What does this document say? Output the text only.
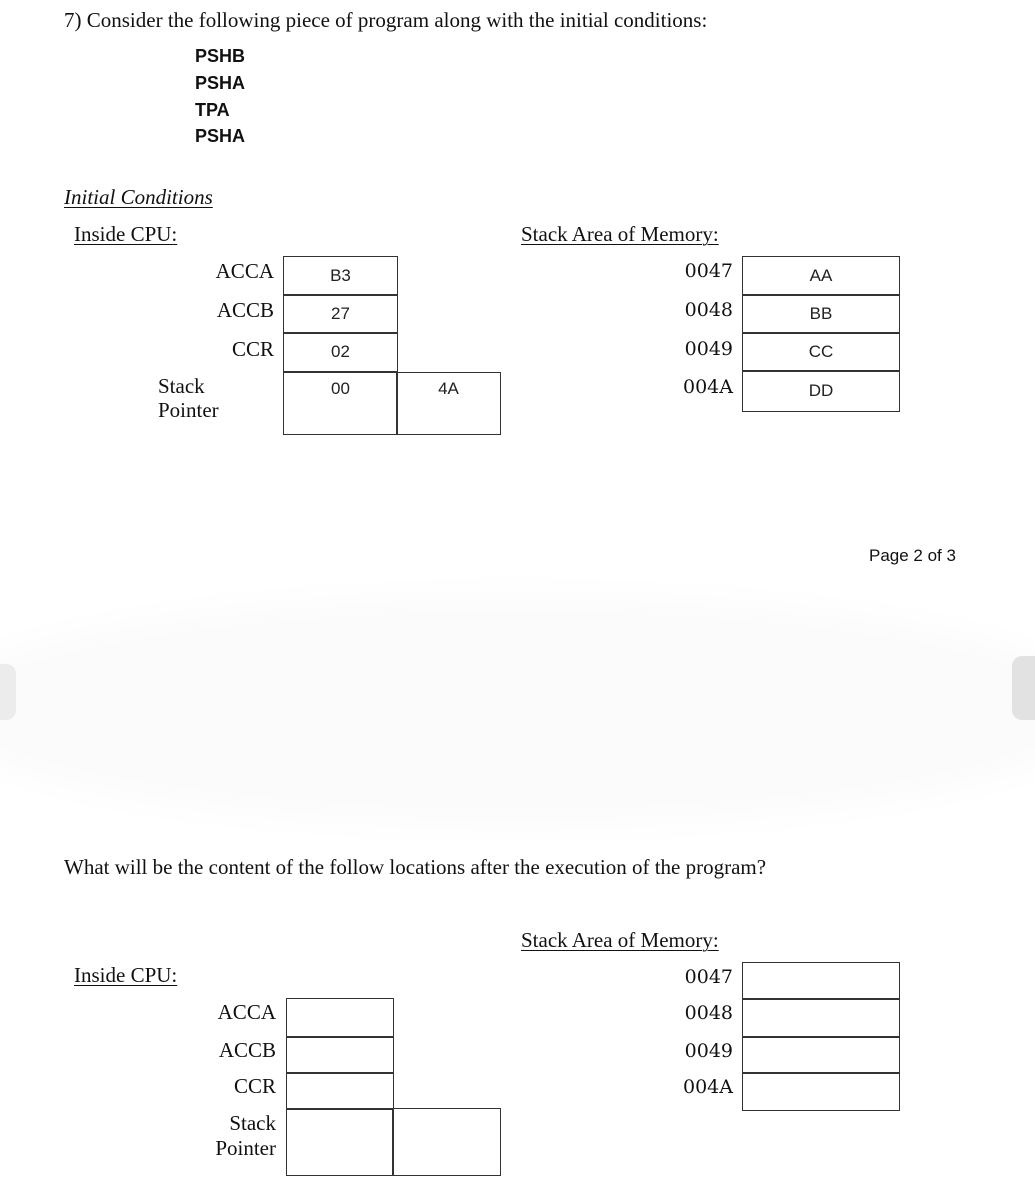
7) Consider the following piece of program along with the initial conditions:
PSHB
PSHA
TPA
PSHA
Initial Conditions
Inside CPU:	Stack Area of Memory:
ACCA
ACCB
CCR
Stack
Pointer
B3
27
02
00	4A
0047
0048
0049
004A
AA
BB
CC
DD
Page 2 of 3
What will be the content of the follow locations after the execution of the program?
Stack Area of Memory:
Inside CPU:
ACCA
ACCB
CCR
Stack
Pointer
0047
0048
0049
004A
